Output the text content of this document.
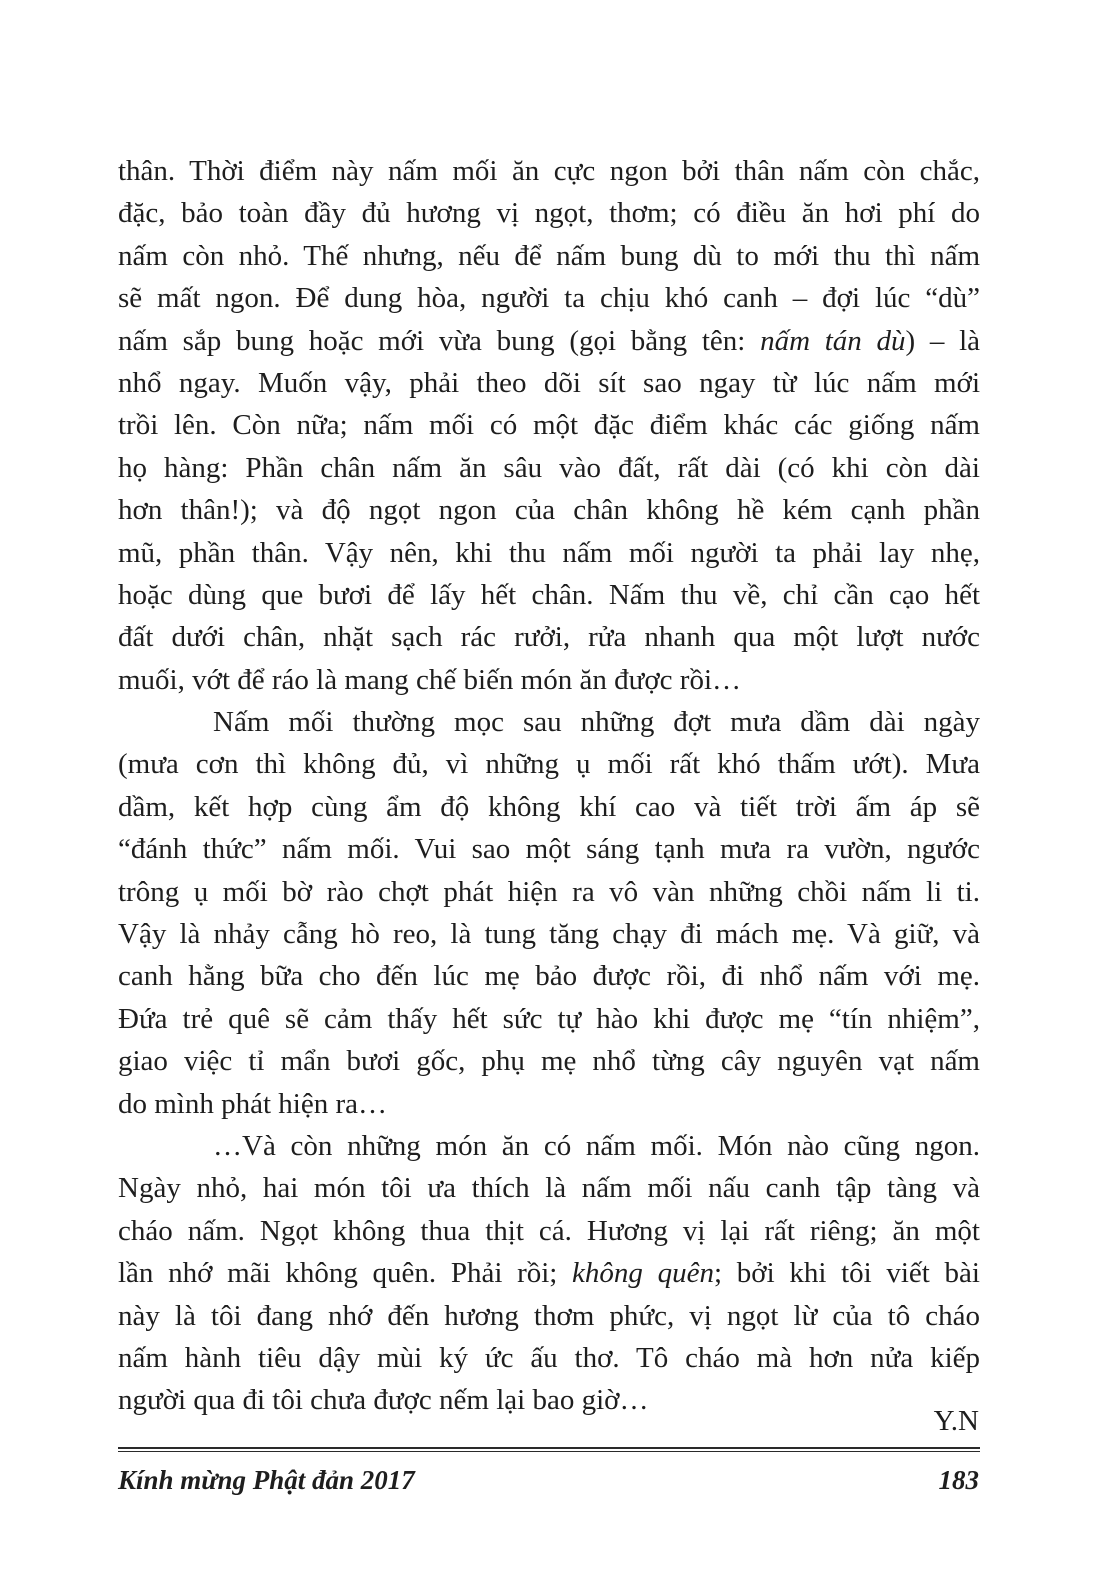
thân. Thời điểm này nấm mối ăn cực ngon bởi thân nấm còn chắc,
đặc, bảo toàn đầy đủ hương vị ngọt, thơm; có điều ăn hơi phí do
nấm còn nhỏ. Thế nhưng, nếu để nấm bung dù to mới thu thì nấm
sẽ mất ngon. Để dung hòa, người ta chịu khó canh – đợi lúc “dù”
nấm sắp bung hoặc mới vừa bung (gọi bằng tên: nấm tán dù) – là
nhổ ngay. Muốn vậy, phải theo dõi sít sao ngay từ lúc nấm mới
trồi lên. Còn nữa; nấm mối có một đặc điểm khác các giống nấm
họ hàng: Phần chân nấm ăn sâu vào đất, rất dài (có khi còn dài
hơn thân!); và độ ngọt ngon của chân không hề kém cạnh phần
mũ, phần thân. Vậy nên, khi thu nấm mối người ta phải lay nhẹ,
hoặc dùng que bươi để lấy hết chân. Nấm thu về, chỉ cần cạo hết
đất dưới chân, nhặt sạch rác rưởi, rửa nhanh qua một lượt nước
muối, vớt để ráo là mang chế biến món ăn được rồi…
Nấm mối thường mọc sau những đợt mưa dầm dài ngày
(mưa cơn thì không đủ, vì những ụ mối rất khó thấm ướt). Mưa
dầm, kết hợp cùng ẩm độ không khí cao và tiết trời ấm áp sẽ
“đánh thức” nấm mối. Vui sao một sáng tạnh mưa ra vườn, ngước
trông ụ mối bờ rào chợt phát hiện ra vô vàn những chồi nấm li ti.
Vậy là nhảy cẫng hò reo, là tung tăng chạy đi mách mẹ. Và giữ, và
canh hằng bữa cho đến lúc mẹ bảo được rồi, đi nhổ nấm với mẹ.
Đứa trẻ quê sẽ cảm thấy hết sức tự hào khi được mẹ “tín nhiệm”,
giao việc tỉ mẩn bươi gốc, phụ mẹ nhổ từng cây nguyên vạt nấm
do mình phát hiện ra…
…Và còn những món ăn có nấm mối. Món nào cũng ngon.
Ngày nhỏ, hai món tôi ưa thích là nấm mối nấu canh tập tàng và
cháo nấm. Ngọt không thua thịt cá. Hương vị lại rất riêng; ăn một
lần nhớ mãi không quên. Phải rồi; không quên; bởi khi tôi viết bài
này là tôi đang nhớ đến hương thơm phức, vị ngọt lừ của tô cháo
nấm hành tiêu dậy mùi ký ức ấu thơ. Tô cháo mà hơn nửa kiếp
người qua đi tôi chưa được nếm lại bao giờ…
Y.N
Kính mừng Phật đản 2017	183
